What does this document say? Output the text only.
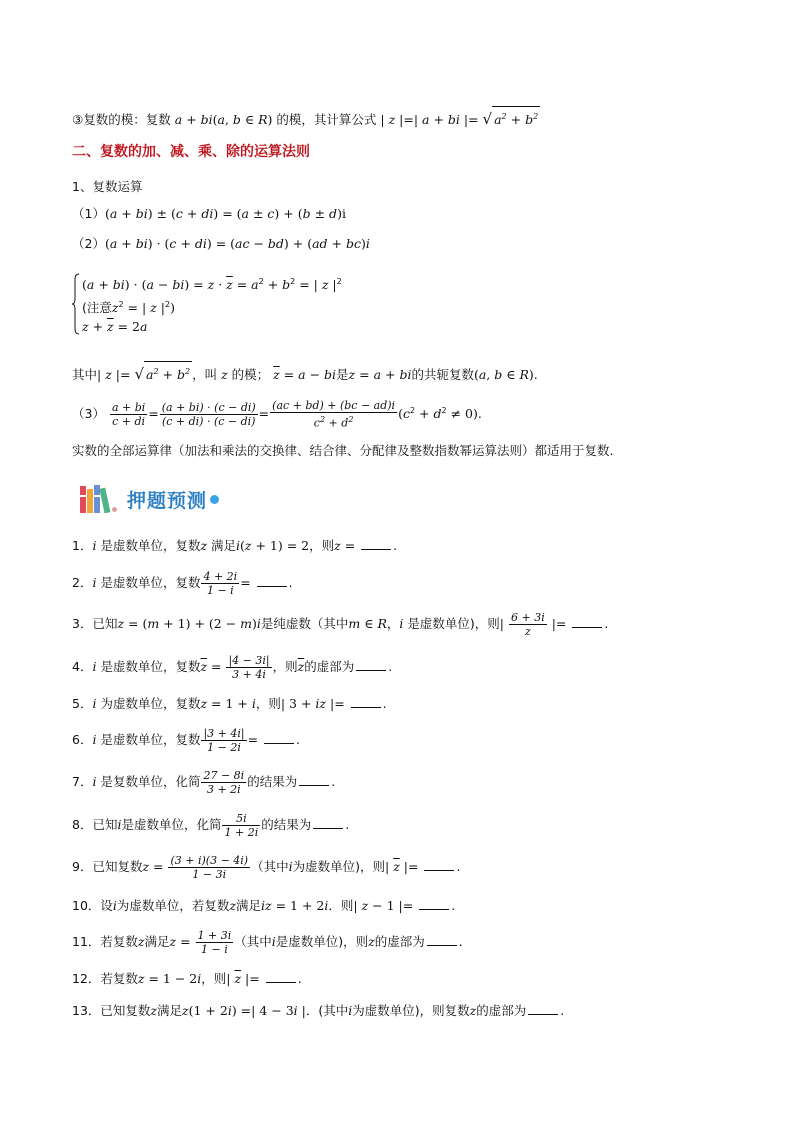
③复数的模：复数 a + bi(a, b ∈ R) 的模，其计算公式 | z |=| a + bi |= √ $a^2 + b^2$
二、复数的加、减、乘、除的运算法则
1、复数运算
（1）(a + bi) ± (c + di) = (a ± c) + (b ± d)i
（2）(a + bi) · (c + di) = (ac − bd) + (ad + bc)i
$(a + bi) \cdot (a - bi) = z \cdot \overline{z} = a^2 + b^2$ = | z $|^2$
(注意$z^2$ = | z $|^2$)
$z + \overline{z} = 2a$
其中| z |= √ $a^2 + b^2$ ，叫 z 的模； $\overline{z} = a$ − bi是z = a + bi的共轭复数(a, b ∈ R).
$(3) \frac{a + bi}{c + di} = \frac{(a + bi) \cdot (c - di)}{(c + di) \cdot (c - di)} = \frac{(ac + bd) + (bc - ad)i}{c^2 + d^2} (c^2 + d^2 \ne 0)$.
实数的全部运算律（加法和乘法的交换律、结合律、分配律及整数指数幂运算法则）都适用于复数.
押题预测
1．i 是虚数单位，复数z 满足i(z + 1) = 2，则z =	.
2．i 是虚数单位，复数 $\frac{4 + 2i}{1 - i}$ =	.
3．已知z = (m + 1) + (2 − m)i是纯虚数（其中m ∈ R，i 是虚数单位)，则| $\frac{6 + 3i}{z}$ |=	.
4．i 是虚数单位，复数$\overline{z} = \frac{|4 - 3i|}{3 + 4i}$ ，则$\overline{z}$的虚部为	.
5．i 为虚数单位，复数z = 1 + i，则| 3 + iz |=	.
6．i 是虚数单位，复数 $\frac{|3 + 4i|}{1 - 2i}$ =	.
7．i 是复数单位，化简 $\frac{27 - 8i}{3 + 2i}$ 的结果为	.
8．已知i是虚数单位，化简 $\frac{5i}{1 + 2i}$ 的结果为	.
9．已知复数$z = \frac{(3 + i)(3 - 4i)}{1 - 3i}$ （其中i为虚数单位)，则| $\overline{z}$ |=	.
10．设i为虚数单位，若复数z满足iz = 1 + 2i．则| z − 1 |=	.
11．若复数z满足$z = \frac{1 + 3i}{1 - i}$ （其中i是虚数单位)，则z的虚部为	.
12．若复数z = 1 − 2i，则| $\overline{z}$ |=	.
13．已知复数z满足z(1 + 2i) =| 4 − 3i |．(其中i为虚数单位)，则复数z的虚部为	.
